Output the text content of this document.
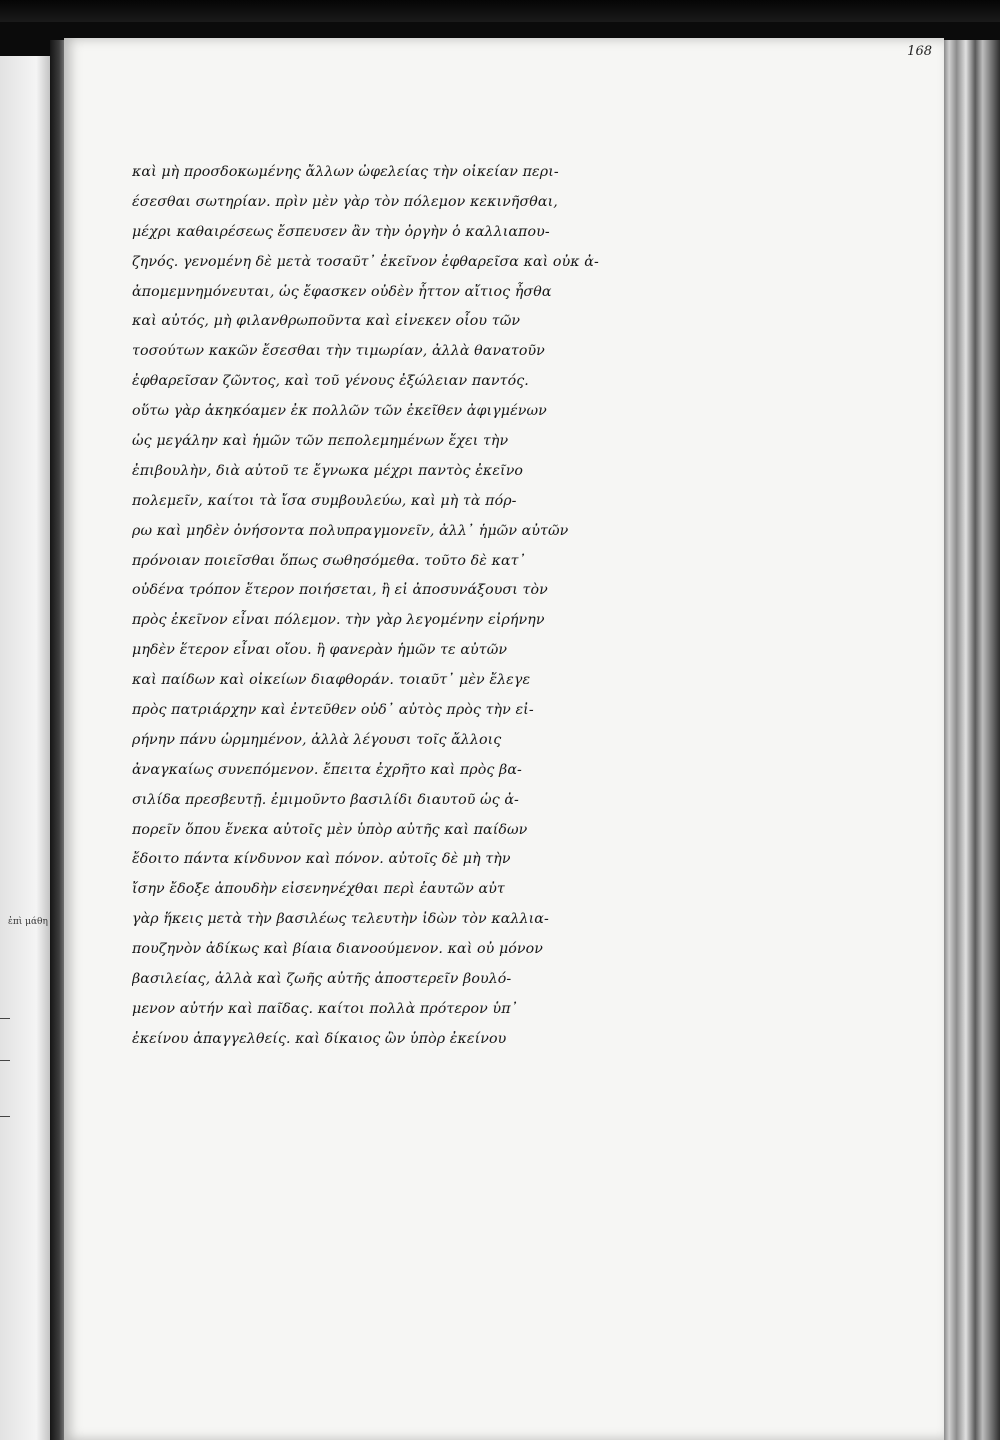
ἐπὶ μάθη
168
καὶ μὴ προσδοκωμένης ἄλλων ὠφελείας τὴν οἰκείαν περι-
έσεσθαι σωτηρίαν. πρὶν μὲν γὰρ τὸν πόλεμον κεκινῆσθαι,
μέχρι καθαιρέσεως ἔσπευσεν ἂν τὴν ὀργὴν ὁ καλλιαπου-
ζηνός. γενομένη δὲ μετὰ τοσαῦτ᾽ ἐκεῖνον ἐφθαρεῖσα καὶ οὐκ ἀ-
ἀπομεμνημόνευται, ὡς ἔφασκεν οὐδὲν ἧττον αἴτιος ἦσθα
καὶ αὐτός, μὴ φιλανθρωποῦντα καὶ εἰνεκεν οἷου τῶν
τοσούτων κακῶν ἔσεσθαι τὴν τιμωρίαν, ἀλλὰ θανατοῦν
ἐφθαρεῖσαν ζῶντος, καὶ τοῦ γένους ἐξώλειαν παντός.
οὕτω γὰρ ἀκηκόαμεν ἐκ πολλῶν τῶν ἐκεῖθεν ἀφιγμένων
ὡς μεγάλην καὶ ἡμῶν τῶν πεπολεμημένων ἔχει τὴν
ἐπιβουλὴν, διὰ αὐτοῦ τε ἔγνωκα μέχρι παντὸς ἐκεῖνο
πολεμεῖν, καίτοι τὰ ἴσα συμβουλεύω, καὶ μὴ τὰ πόρ-
ρω καὶ μηδὲν ὀνήσοντα πολυπραγμονεῖν, ἀλλ᾽ ἡμῶν αὐτῶν
πρόνοιαν ποιεῖσθαι ὅπως σωθησόμεθα. τοῦτο δὲ κατ᾽
οὐδένα τρόπον ἕτερον ποιήσεται, ἢ εἰ ἀποσυνάξουσι τὸν
πρὸς ἐκεῖνον εἶναι πόλεμον. τὴν γὰρ λεγομένην εἰρήνην
μηδὲν ἕτερον εἶναι οἴου. ἢ φανερὰν ἡμῶν τε αὐτῶν
καὶ παίδων καὶ οἰκείων διαφθοράν. τοιαῦτ᾽ μὲν ἔλεγε
πρὸς πατριάρχην καὶ ἐντεῦθεν οὐδ᾽ αὐτὸς πρὸς τὴν εἰ-
ρήνην πάνυ ὡρμημένον, ἀλλὰ λέγουσι τοῖς ἄλλοις
ἀναγκαίως συνεπόμενον. ἔπειτα ἐχρῆτο καὶ πρὸς βα-
σιλίδα πρεσβευτῇ. ἐμιμοῦντο βασιλίδι διαυτοῦ ὡς ἀ-
πορεῖν ὅπου ἕνεκα αὐτοῖς μὲν ὑπὸρ αὐτῆς καὶ παίδων
ἔδοιτο πάντα κίνδυνον καὶ πόνον. αὐτοῖς δὲ μὴ τὴν
ἴσην ἔδοξε ἀπουδὴν εἰσενηνέχθαι περὶ ἑαυτῶν αὐτ
γὰρ ἥκεις μετὰ τὴν βασιλέως τελευτὴν ἰδὼν τὸν καλλια-
πουζηνὸν ἀδίκως καὶ βίαια διανοούμενον. καὶ οὐ μόνον
βασιλείας, ἀλλὰ καὶ ζωῆς αὐτῆς ἀποστερεῖν βουλό-
μενον αὐτήν καὶ παῖδας. καίτοι πολλὰ πρότερον ὑπ᾽
ἐκείνου ἀπαγγελθείς. καὶ δίκαιος ὢν ὑπὸρ ἐκείνου
